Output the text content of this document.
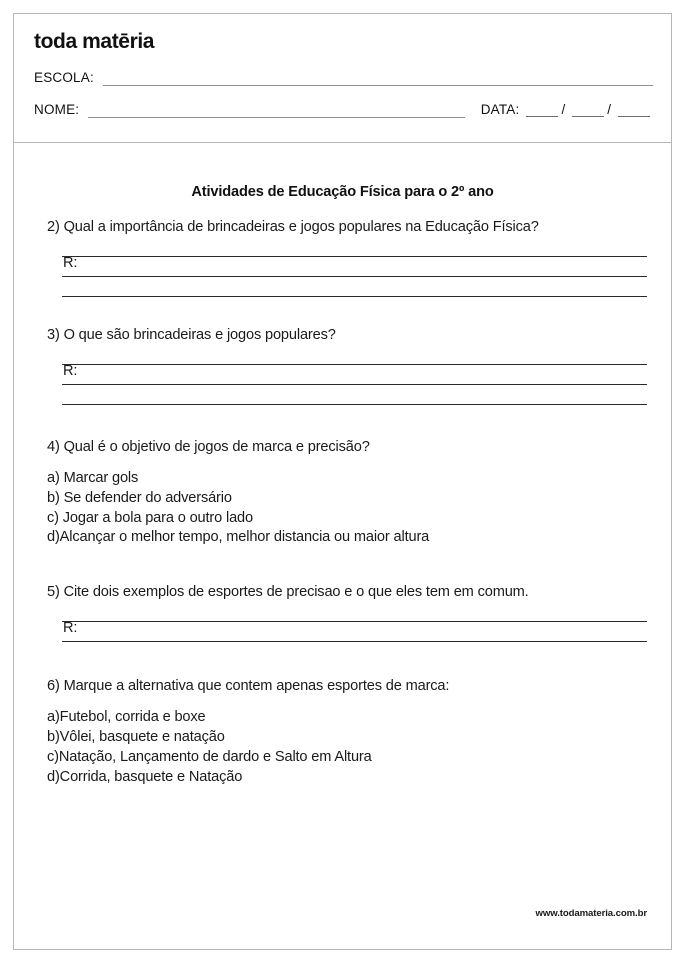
toda matēria
ESCOLA:
NOME:	DATA:	/	/
Atividades de Educação Física para o 2º ano

2) Qual a importância de brincadeiras e jogos populares na Educação Física?

R:

3) O que são brincadeiras e jogos populares?

R:

4) Qual é o objetivo de jogos de marca e precisão?

a) Marcar gols

b) Se defender do adversário

c) Jogar a bola para o outro lado

d)Alcançar o melhor tempo, melhor distancia ou maior altura

5) Cite dois exemplos de esportes de precisao e o que eles tem em comum.

R:

6) Marque a alternativa que contem apenas esportes de marca:

a)Futebol, corrida e boxe

b)Vôlei, basquete e natação

c)Natação, Lançamento de dardo e Salto em Altura

d)Corrida, basquete e Natação

www.todamateria.com.br
